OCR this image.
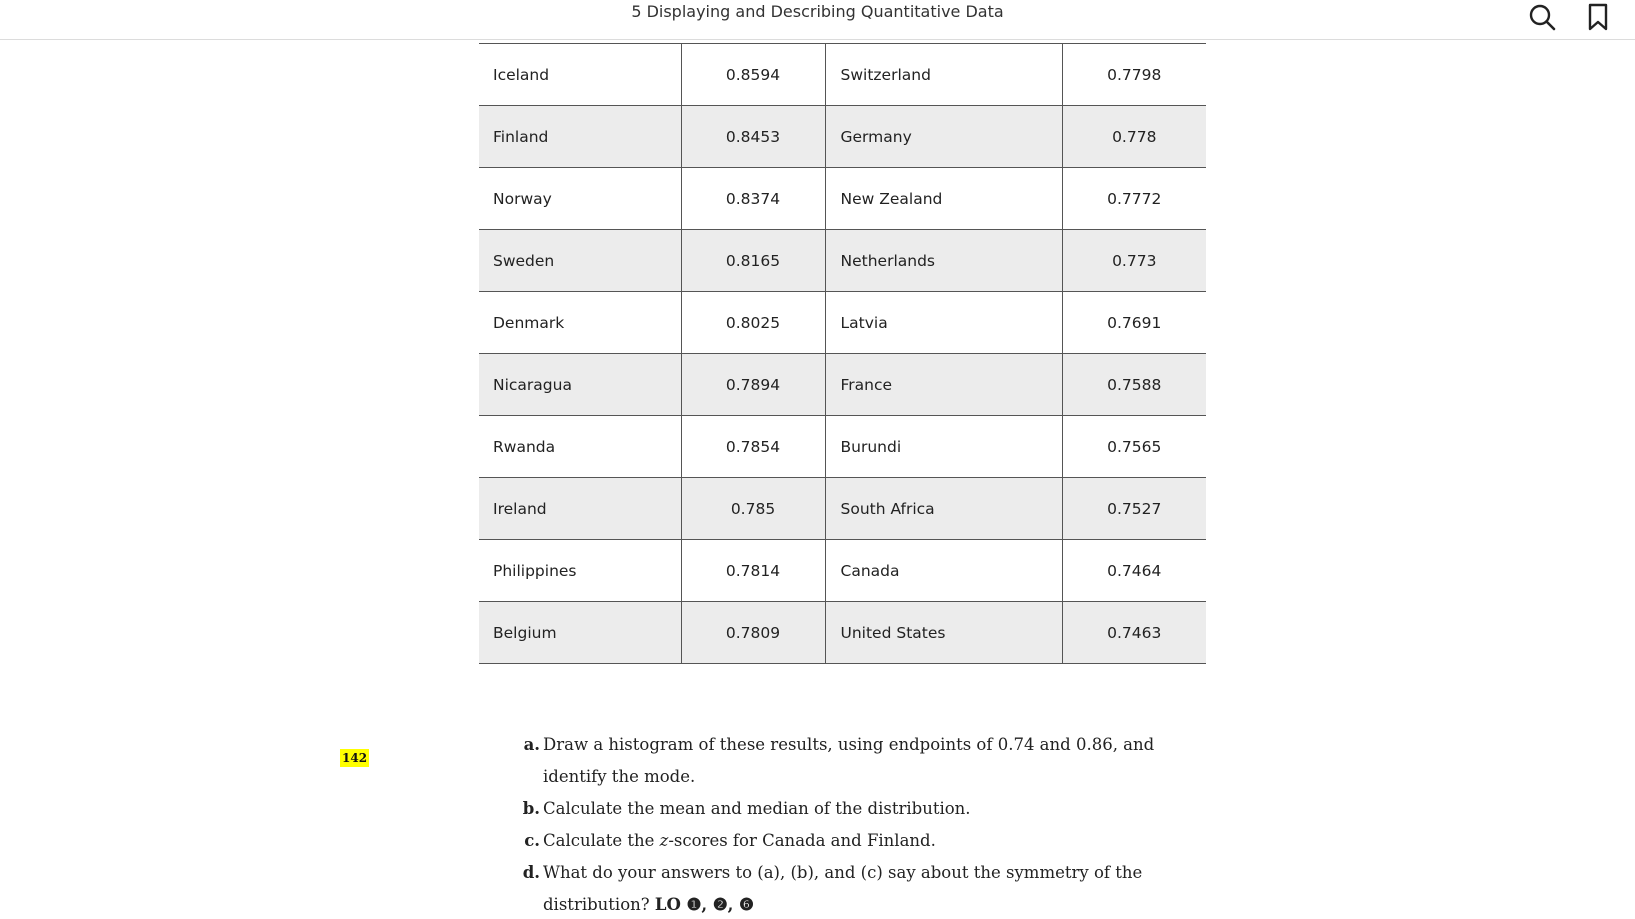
5 Displaying and Describing Quantitative Data
Iceland	0.8594	Switzerland	0.7798
Finland	0.8453	Germany	0.778
Norway	0.8374	New Zealand	0.7772
Sweden	0.8165	Netherlands	0.773
Denmark	0.8025	Latvia	0.7691
Nicaragua	0.7894	France	0.7588
Rwanda	0.7854	Burundi	0.7565
Ireland	0.785	South Africa	0.7527
Philippines	0.7814	Canada	0.7464
Belgium	0.7809	United States	0.7463
142
a. Draw a histogram of these results, using endpoints of 0.74 and 0.86, and identify the mode.
b. Calculate the mean and median of the distribution.
c. Calculate the z-scores for Canada and Finland.
d. What do your answers to (a), (b), and (c) say about the symmetry of the distribution? LO ❶, ❷, ❻
